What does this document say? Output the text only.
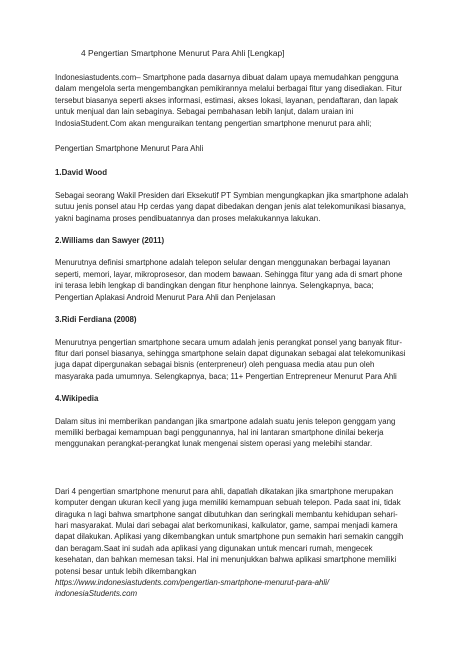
4 Pengertian Smartphone Menurut Para Ahli [Lengkap]

Indonesiastudents.com– Smartphone pada dasarnya dibuat dalam upaya memudahkan pengguna
dalam mengelola serta mengembangkan pemikirannya melalui berbagai fitur yang disediakan. Fitur
tersebut biasanya seperti akses informasi, estimasi, akses lokasi, layanan, pendaftaran, dan lapak
untuk menjual dan lain sebaginya. Sebagai pembahasan lebih lanjut, dalam uraian ini
IndosiaStudent.Com akan menguraikan tentang pengertian smartphone menurut para ahli;

Pengertian Smartphone Menurut Para Ahli

1.David Wood

Sebagai seorang Wakil Presiden dari Eksekutif PT Symbian mengungkapkan jika smartphone adalah
sutuu jenis ponsel atau Hp cerdas yang dapat dibedakan dengan jenis alat telekomunikasi biasanya,
yakni baginama proses pendibuatannya dan proses melakukannya lakukan.

2.Williams dan Sawyer (2011)

Menurutnya definisi smartphone adalah telepon selular dengan menggunakan berbagai layanan
seperti, memori, layar, mikroprosesor, dan modem bawaan. Sehingga fitur yang ada di smart phone
ini terasa lebih lengkap di bandingkan dengan fitur henphone lainnya. Selengkapnya, baca;
Pengertian Aplakasi Android Menurut Para Ahli dan Penjelasan

3.Ridi Ferdiana (2008)

Menurutnya pengertian smartphone secara umum adalah jenis perangkat ponsel yang banyak fitur-
fitur dari ponsel biasanya, sehingga smartphone selain dapat digunakan sebagai alat telekomunikasi
juga dapat dipergunakan sebagai bisnis (enterpreneur) oleh penguasa media atau pun oleh
masyaraka pada umumnya. Selengkapnya, baca; 11+ Pengertian Entrepreneur Menurut Para Ahli

4.Wikipedia

Dalam situs ini memberikan pandangan jika smartpone adalah suatu jenis telepon genggam yang
memiliki berbagai kemampuan bagi penggunannya, hal ini lantaran smartphone dinilai bekerja
menggunakan perangkat-perangkat lunak mengenai sistem operasi yang melebihi standar.

Dari 4 pengertian smartphone menurut para ahli, dapatlah dikatakan jika smartphone merupakan
komputer dengan ukuran kecil yang juga memiliki kemampuan sebuah telepon. Pada saat ini, tidak
diraguka n lagi bahwa smartphone sangat dibutuhkan dan seringkali membantu kehidupan sehari-
hari masyarakat. Mulai dari sebagai alat berkomunikasi, kalkulator, game, sampai menjadi kamera
dapat dilakukan. Aplikasi yang dikembangkan untuk smartphone pun semakin hari semakin canggih
dan beragam.Saat ini sudah ada aplikasi yang digunakan untuk mencari rumah, mengecek
kesehatan, dan bahkan memesan taksi. Hal ini menunjukkan bahwa aplikasi smartphone memiliki
potensi besar untuk lebih dikembangkan
https://www.indonesiastudents.com/pengertian-smartphone-menurut-para-ahli/
indonesiaStudents.com
